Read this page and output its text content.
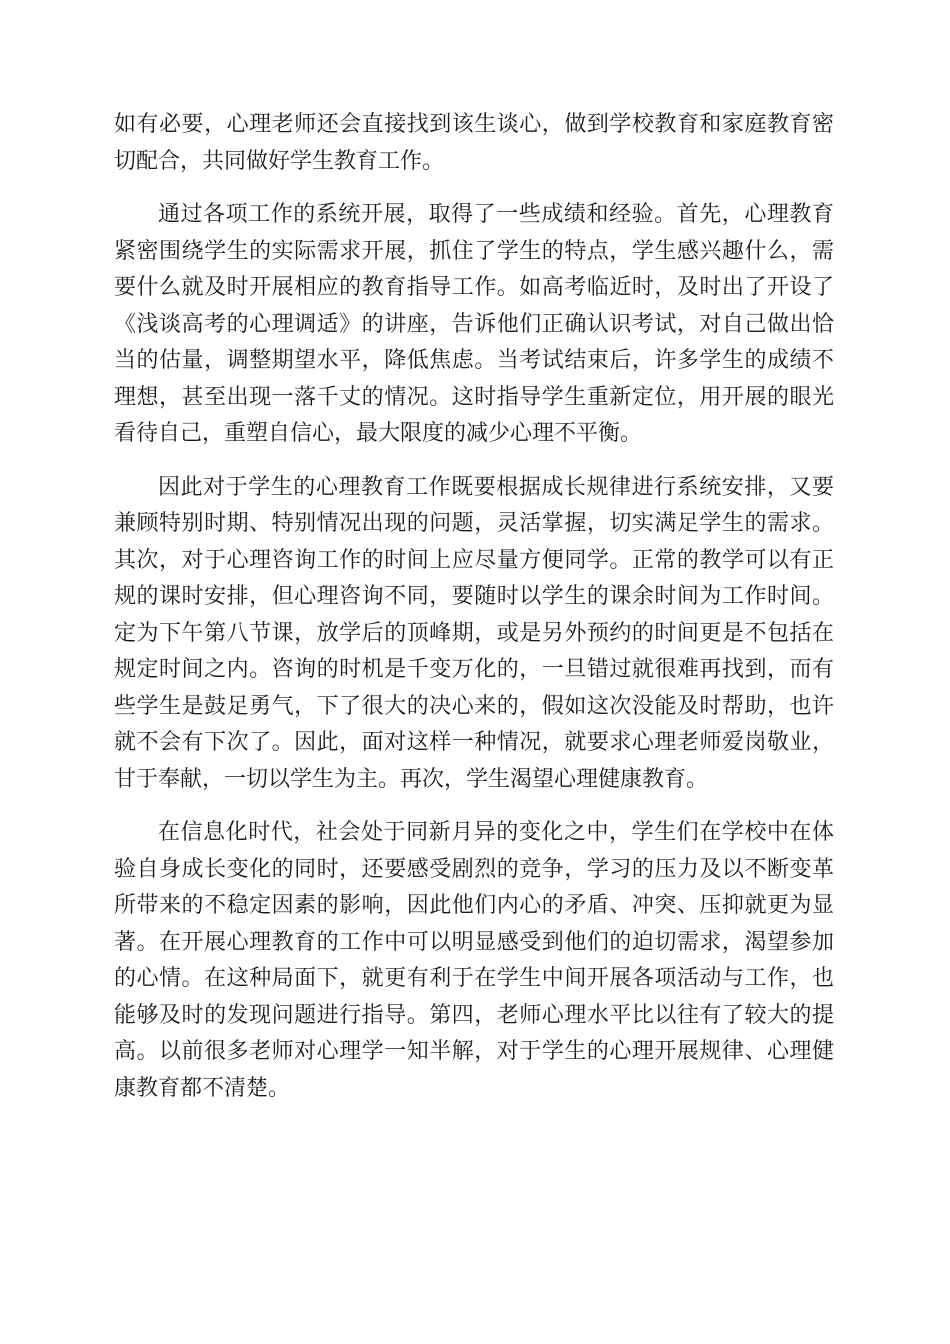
如有必要，心理老师还会直接找到该生谈心，做到学校教育和家庭教育密
切配合，共同做好学生教育工作。
通过各项工作的系统开展，取得了一些成绩和经验。首先，心理教育
紧密围绕学生的实际需求开展，抓住了学生的特点，学生感兴趣什么，需
要什么就及时开展相应的教育指导工作。如高考临近时，及时出了开设了
《浅谈高考的心理调适》的讲座，告诉他们正确认识考试，对自己做出恰
当的估量，调整期望水平，降低焦虑。当考试结束后，许多学生的成绩不
理想，甚至出现一落千丈的情况。这时指导学生重新定位，用开展的眼光
看待自己，重塑自信心，最大限度的减少心理不平衡。
因此对于学生的心理教育工作既要根据成长规律进行系统安排，又要
兼顾特别时期、特别情况出现的问题，灵活掌握，切实满足学生的需求。
其次，对于心理咨询工作的时间上应尽量方便同学。正常的教学可以有正
规的课时安排，但心理咨询不同，要随时以学生的课余时间为工作时间。
定为下午第八节课，放学后的顶峰期，或是另外预约的时间更是不包括在
规定时间之内。咨询的时机是千变万化的，一旦错过就很难再找到，而有
些学生是鼓足勇气，下了很大的决心来的，假如这次没能及时帮助，也许
就不会有下次了。因此，面对这样一种情况，就要求心理老师爱岗敬业，
甘于奉献，一切以学生为主。再次，学生渴望心理健康教育。
在信息化时代，社会处于同新月异的变化之中，学生们在学校中在体
验自身成长变化的同时，还要感受剧烈的竞争，学习的压力及以不断变革
所带来的不稳定因素的影响，因此他们内心的矛盾、冲突、压抑就更为显
著。在开展心理教育的工作中可以明显感受到他们的迫切需求，渴望参加
的心情。在这种局面下，就更有利于在学生中间开展各项活动与工作，也
能够及时的发现问题进行指导。第四，老师心理水平比以往有了较大的提
高。以前很多老师对心理学一知半解，对于学生的心理开展规律、心理健
康教育都不清楚。
